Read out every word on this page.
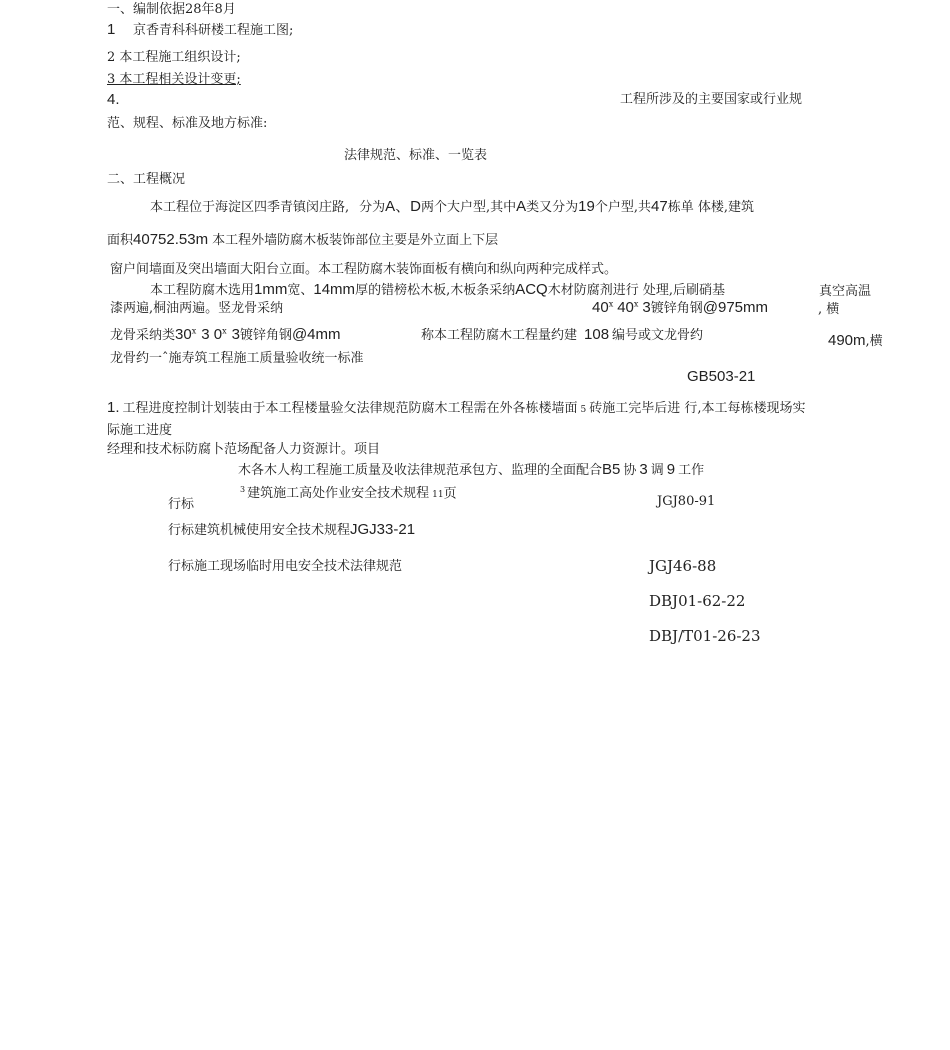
一、编制依据28年8月
1 京香青科科研楼工程施工图;
2 本工程施工组织设计;
3 本工程相关设计变更;
4.	工程所涉及的主要国家或行业规
范、规程、标准及地方标准:
法律规范、标准、一览表
二、工程概况
本工程位于海淀区四季青镇闵庄路, 分为A、D两个大户型,其中A类又分为19个户型,共47栋单 体楼,建筑
面积40752.53m 本工程外墙防腐木板装饰部位主要是外立面上下层
窗户间墙面及突出墙面大阳台立面。本工程防腐木装饰面板有横向和纵向两种完成样式。
本工程防腐木选用1mm宽、14mm厚的错榜松木板,木板条采纳ACQ木材防腐剂进行 处理,后刷硝基	真空高温
, 横
漆两遍,桐油两遍。竖龙骨采纳	40$^x$ 40$^x$ 3镀锌角钢@975mm
龙骨采纳类30$^x$ 3 0$^x$ 3镀锌角钢@4mm	称本工程防腐木工程量约建 108 编号或文龙骨约	490m,横
龙骨约一ˆ施寿筑工程施工质量验收统一标准
GB503-21
1. 工程进度控制计划装由于本工程楼量验攵法律规范防腐木工程需在外各栋楼墙面 5 砖施工完毕后进 行,本工每栋楼现场实
际施工进度
经理和技术标防腐卜范场配备人力资源计。项目
木各木人构工程施工质量及收法律规范承包方、监理的全面配合B5 协 3 调 9 工作
行标
$^3$ 建筑施工高处作业安全技术规程 11页
JGJ80-91
行标建筑机械使用安全技术规程JGJ33-21
行标施工现场临时用电安全技术法律规范	JGJ46-88
DBJ01-62-22
DBJ/T01-26-23
